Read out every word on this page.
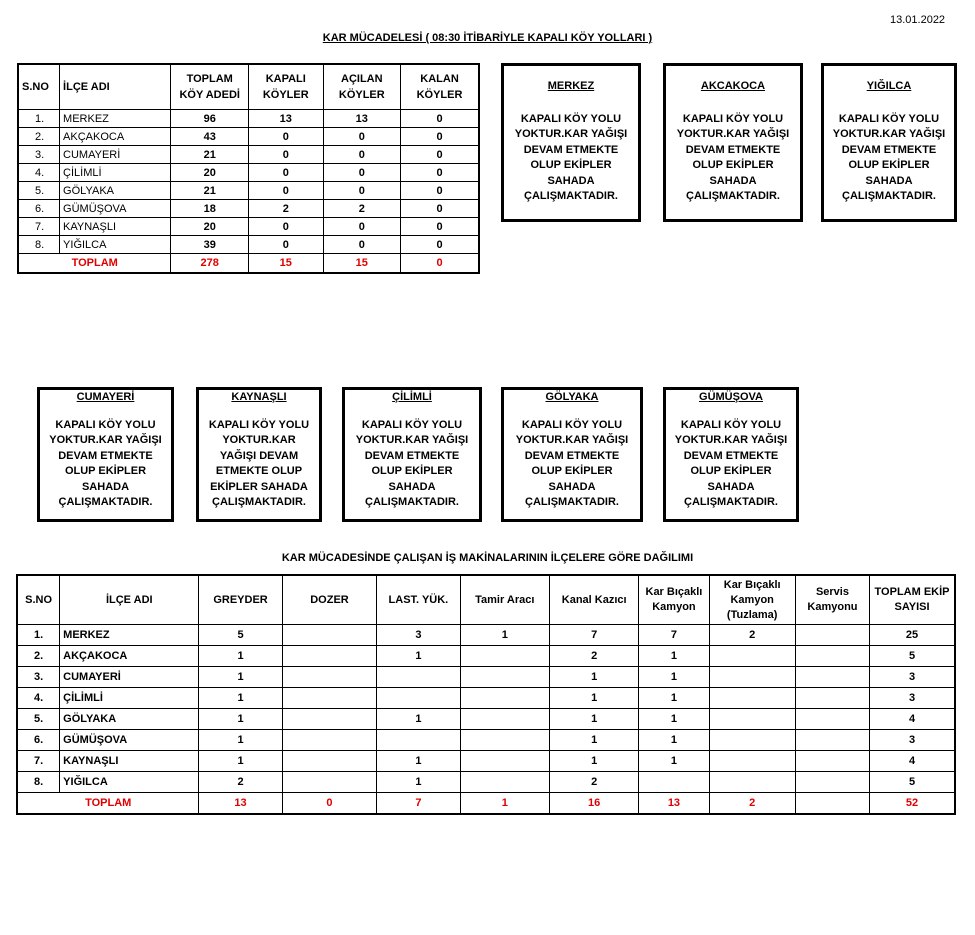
13.01.2022
KAR MÜCADELESİ ( 08:30 İTİBARİYLE KAPALI KÖY YOLLARI )
S.NO	İLÇE ADI	TOPLAM KÖY ADEDİ	KAPALI KÖYLER	AÇILAN KÖYLER	KALAN KÖYLER
1.	MERKEZ	96	13	13	0
2.	AKÇAKOCA	43	0	0	0
3.	CUMAYERİ	21	0	0	0
4.	ÇİLİMLİ	20	0	0	0
5.	GÖLYAKA	21	0	0	0
6.	GÜMÜŞOVA	18	2	2	0
7.	KAYNAŞLI	20	0	0	0
8.	YIĞILCA	39	0	0	0
TOPLAM		278	15	15	0
MERKEZ
KAPALI KÖY YOLU
YOKTUR.KAR YAĞIŞI
DEVAM ETMEKTE
OLUP EKİPLER
SAHADA
ÇALIŞMAKTADIR.
AKCAKOCA
KAPALI KÖY YOLU
YOKTUR.KAR YAĞIŞI
DEVAM ETMEKTE
OLUP EKİPLER
SAHADA
ÇALIŞMAKTADIR.
YIĞILCA
KAPALI KÖY YOLU
YOKTUR.KAR YAĞIŞI
DEVAM ETMEKTE
OLUP EKİPLER
SAHADA
ÇALIŞMAKTADIR.
CUMAYERİ
KAPALI KÖY YOLU
YOKTUR.KAR YAĞIŞI
DEVAM ETMEKTE
OLUP EKİPLER
SAHADA
ÇALIŞMAKTADIR.
KAYNAŞLI
KAPALI KÖY YOLU
YOKTUR.KAR
YAĞIŞI DEVAM
ETMEKTE OLUP
EKİPLER SAHADA
ÇALIŞMAKTADIR.
ÇİLİMLİ
KAPALI KÖY YOLU
YOKTUR.KAR YAĞIŞI
DEVAM ETMEKTE
OLUP EKİPLER
SAHADA
ÇALIŞMAKTADIR.
GÖLYAKA
KAPALI KÖY YOLU
YOKTUR.KAR YAĞIŞI
DEVAM ETMEKTE
OLUP EKİPLER
SAHADA
ÇALIŞMAKTADIR.
GÜMÜŞOVA
KAPALI KÖY YOLU
YOKTUR.KAR YAĞIŞI
DEVAM ETMEKTE
OLUP EKİPLER
SAHADA
ÇALIŞMAKTADIR.
KAR MÜCADESİNDE ÇALIŞAN İŞ MAKİNALARININ İLÇELERE GÖRE DAĞILIMI
S.NO	İLÇE ADI	GREYDER	DOZER	LAST. YÜK.	Tamir Aracı	Kanal Kazıcı	Kar Bıçaklı Kamyon	Kar Bıçaklı Kamyon (Tuzlama)	Servis Kamyonu	TOPLAM EKİP SAYISI
1.	MERKEZ	5		3	1	7	7	2		25
2.	AKÇAKOCA	1		1		2	1			5
3.	CUMAYERİ	1				1	1			3
4.	ÇİLİMLİ	1				1	1			3
5.	GÖLYAKA	1		1		1	1			4
6.	GÜMÜŞOVA	1				1	1			3
7.	KAYNAŞLI	1		1		1	1			4
8.	YIĞILCA	2		1		2				5
TOPLAM		13	0	7	1	16	13	2		52
